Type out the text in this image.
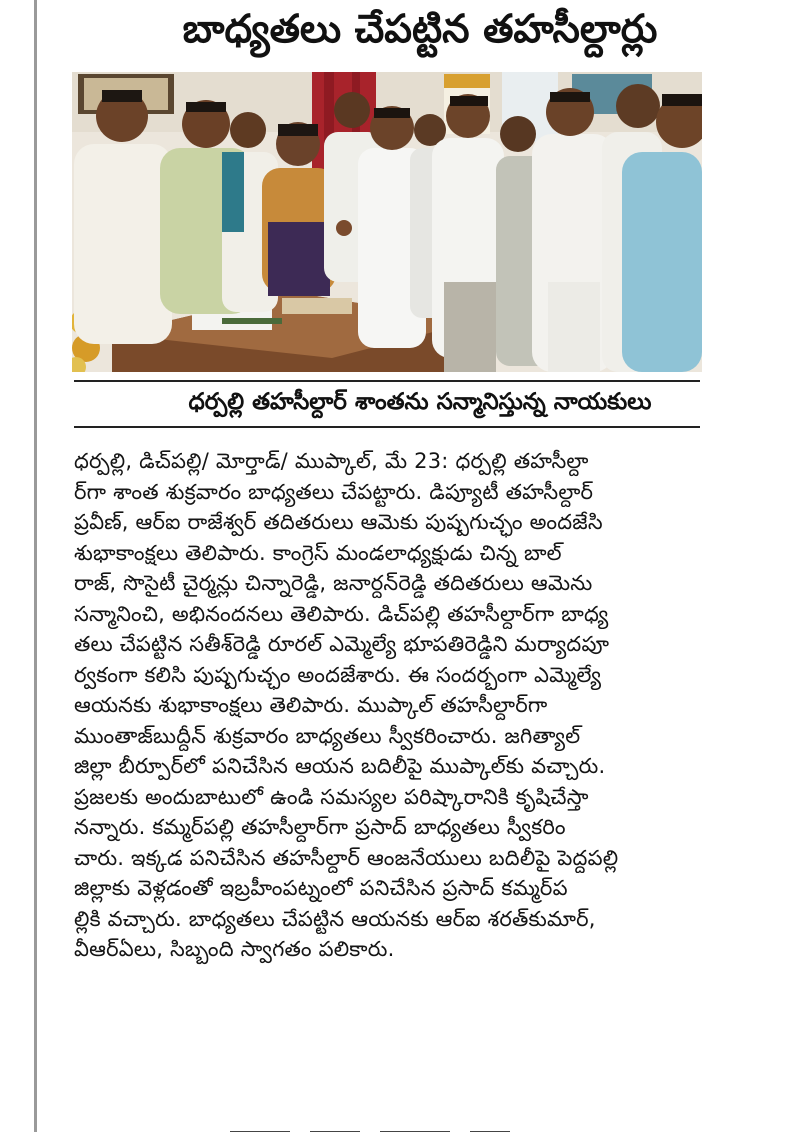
బాధ్యతలు చేపట్టిన తహసీల్దార్లు
ధర్పల్లి తహసీల్దార్ శాంతను సన్మానిస్తున్న నాయకులు
ధర్పల్లి, డిచ్‌పల్లి/ మోర్తాడ్/ ముప్కాల్, మే 23: ధర్పల్లి తహసీల్దా
ర్‌గా శాంత శుక్రవారం బాధ్యతలు చేపట్టారు. డిప్యూటీ తహసీల్దార్
ప్రవీణ్, ఆర్‌ఐ రాజేశ్వర్ తదితరులు ఆమెకు పుష్పగుచ్ఛం అందజేసి
శుభాకాంక్షలు తెలిపారు. కాంగ్రెస్ మండలాధ్యక్షుడు చిన్న బాల్
రాజ్, సొసైటీ చైర్మన్లు చిన్నారెడ్డి, జనార్దన్‌రెడ్డి తదితరులు ఆమెను
సన్మానించి, అభినందనలు తెలిపారు. డిచ్‌పల్లి తహసీల్దార్‌గా బాధ్య
తలు చేపట్టిన సతీశ్‌రెడ్డి రూరల్ ఎమ్మెల్యే భూపతిరెడ్డిని మర్యాదపూ
ర్వకంగా కలిసి పుష్పగుచ్ఛం అందజేశారు. ఈ సందర్భంగా ఎమ్మెల్యే
ఆయనకు శుభాకాంక్షలు తెలిపారు. ముప్కాల్ తహసీల్దార్‌గా
ముంతాజ్‌బుద్దీన్ శుక్రవారం బాధ్యతలు స్వీకరించారు. జగిత్యాల్
జిల్లా బీర్పూర్‌లో పనిచేసిన ఆయన బదిలీపై ముప్కాల్‌కు వచ్చారు.
ప్రజలకు అందుబాటులో ఉండి సమస్యల పరిష్కారానికి కృషిచేస్తా
నన్నారు. కమ్మర్‌పల్లి తహసీల్దార్‌గా ప్రసాద్ బాధ్యతలు స్వీకరిం
చారు. ఇక్కడ పనిచేసిన తహసీల్దార్ ఆంజనేయులు బదిలీపై పెద్దపల్లి
జిల్లాకు వెళ్లడంతో ఇబ్రహీంపట్నంలో పనిచేసిన ప్రసాద్ కమ్మర్‌ప
ల్లికి వచ్చారు. బాధ్యతలు చేపట్టిన ఆయనకు ఆర్‌ఐ శరత్‌కుమార్,
వీఆర్‌ఏలు, సిబ్బంది స్వాగతం పలికారు.
